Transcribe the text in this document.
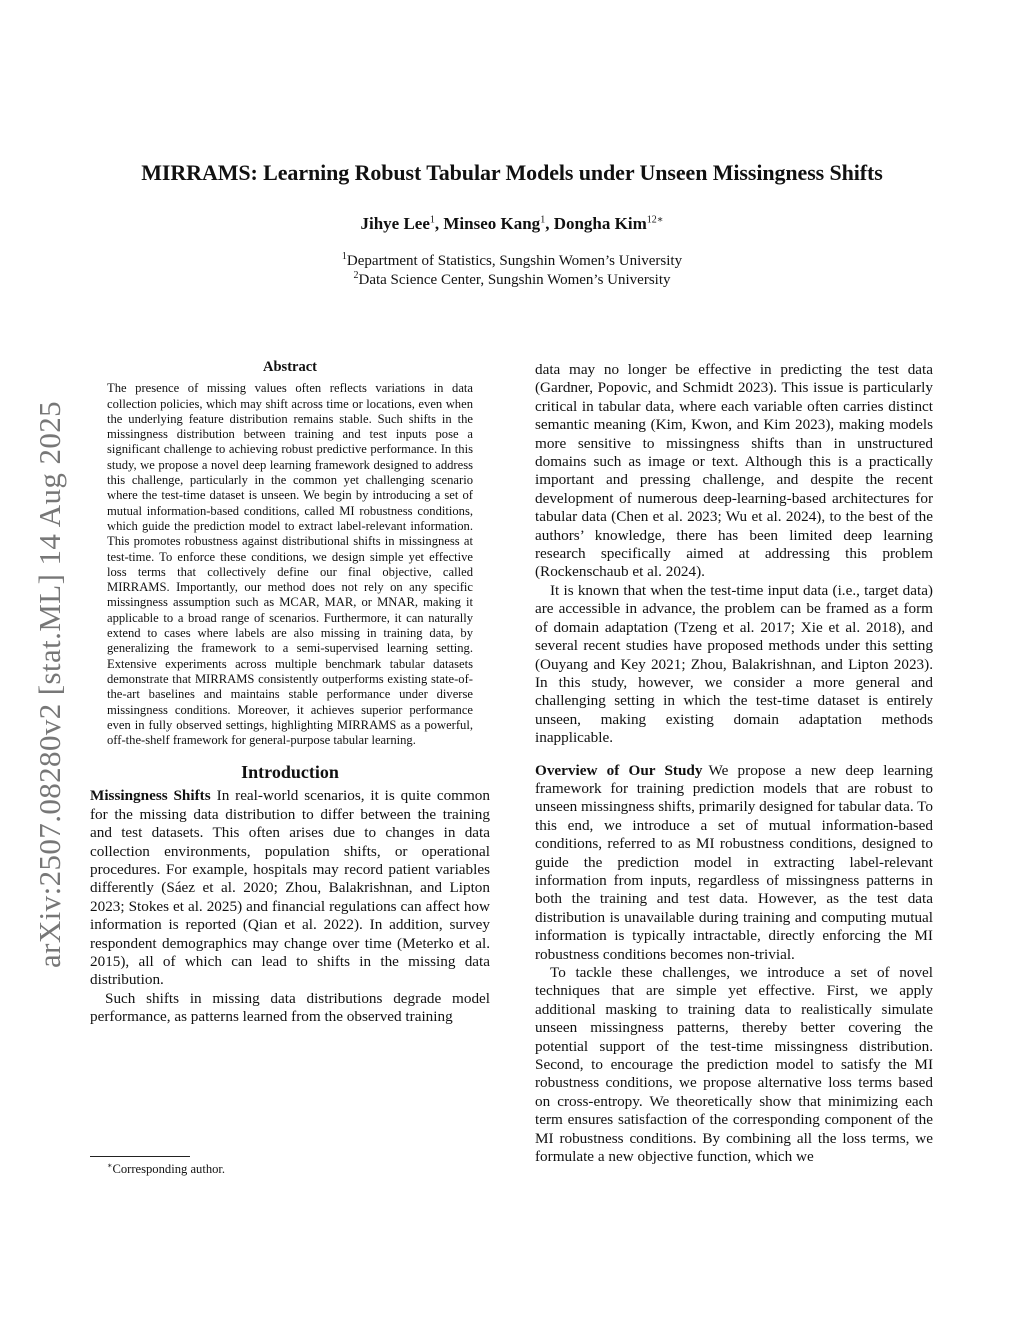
MIRRAMS: Learning Robust Tabular Models under Unseen Missingness Shifts
Jihye Lee$^1$, Minseo Kang$^1$, Dongha Kim$^{12∗}$
$^1$Department of Statistics, Sungshin Women’s University
$^2$Data Science Center, Sungshin Women’s University
arXiv:2507.08280v2 [stat.ML] 14 Aug 2025
Abstract
The presence of missing values often reflects variations in data collection policies, which may shift across time or locations, even when the underlying feature distribution remains stable. Such shifts in the missingness distribution between training and test inputs pose a significant challenge to achieving robust predictive performance. In this study, we propose a novel deep learning framework designed to address this challenge, particularly in the common yet challenging scenario where the test-time dataset is unseen. We begin by introducing a set of mutual information-based conditions, called MI robustness conditions, which guide the prediction model to extract label-relevant information. This promotes robustness against distributional shifts in missingness at test-time. To enforce these conditions, we design simple yet effective loss terms that collectively define our final objective, called MIRRAMS. Importantly, our method does not rely on any specific missingness assumption such as MCAR, MAR, or MNAR, making it applicable to a broad range of scenarios. Furthermore, it can naturally extend to cases where labels are also missing in training data, by generalizing the framework to a semi-supervised learning setting. Extensive experiments across multiple benchmark tabular datasets demonstrate that MIRRAMS consistently outperforms existing state-of-the-art baselines and maintains stable performance under diverse missingness conditions. Moreover, it achieves superior performance even in fully observed settings, highlighting MIRRAMS as a powerful, off-the-shelf framework for general-purpose tabular learning.
Introduction

Missingness Shifts In real-world scenarios, it is quite common for the missing data distribution to differ between the training and test datasets. This often arises due to changes in data collection environments, population shifts, or operational procedures. For example, hospitals may record patient variables differently (Sáez et al. 2020; Zhou, Balakrishnan, and Lipton 2023; Stokes et al. 2025) and financial regulations can affect how information is reported (Qian et al. 2022). In addition, survey respondent demographics may change over time (Meterko et al. 2015), all of which can lead to shifts in the missing data distribution.

Such shifts in missing data distributions degrade model performance, as patterns learned from the observed training

data may no longer be effective in predicting the test data (Gardner, Popovic, and Schmidt 2023). This issue is particularly critical in tabular data, where each variable often carries distinct semantic meaning (Kim, Kwon, and Kim 2023), making models more sensitive to missingness shifts than in unstructured domains such as image or text. Although this is a practically important and pressing challenge, and despite the recent development of numerous deep-learning-based architectures for tabular data (Chen et al. 2023; Wu et al. 2024), to the best of the authors’ knowledge, there has been limited deep learning research specifically aimed at addressing this problem (Rockenschaub et al. 2024).

It is known that when the test-time input data (i.e., target data) are accessible in advance, the problem can be framed as a form of domain adaptation (Tzeng et al. 2017; Xie et al. 2018), and several recent studies have proposed methods under this setting (Ouyang and Key 2021; Zhou, Balakrishnan, and Lipton 2023). In this study, however, we consider a more general and challenging setting in which the test-time dataset is entirely unseen, making existing domain adaptation methods inapplicable.

Overview of Our Study We propose a new deep learning framework for training prediction models that are robust to unseen missingness shifts, primarily designed for tabular data. To this end, we introduce a set of mutual information-based conditions, referred to as MI robustness conditions, designed to guide the prediction model in extracting label-relevant information from inputs, regardless of missingness patterns in both the training and test data. However, as the test data distribution is unavailable during training and computing mutual information is typically intractable, directly enforcing the MI robustness conditions becomes non-trivial.

To tackle these challenges, we introduce a set of novel techniques that are simple yet effective. First, we apply additional masking to training data to realistically simulate unseen missingness patterns, thereby better covering the potential support of the test-time missingness distribution. Second, to encourage the prediction model to satisfy the MI robustness conditions, we propose alternative loss terms based on cross-entropy. We theoretically show that minimizing each term ensures satisfaction of the corresponding component of the MI robustness conditions. By combining all the loss terms, we formulate a new objective function, which we

∗Corresponding author.
